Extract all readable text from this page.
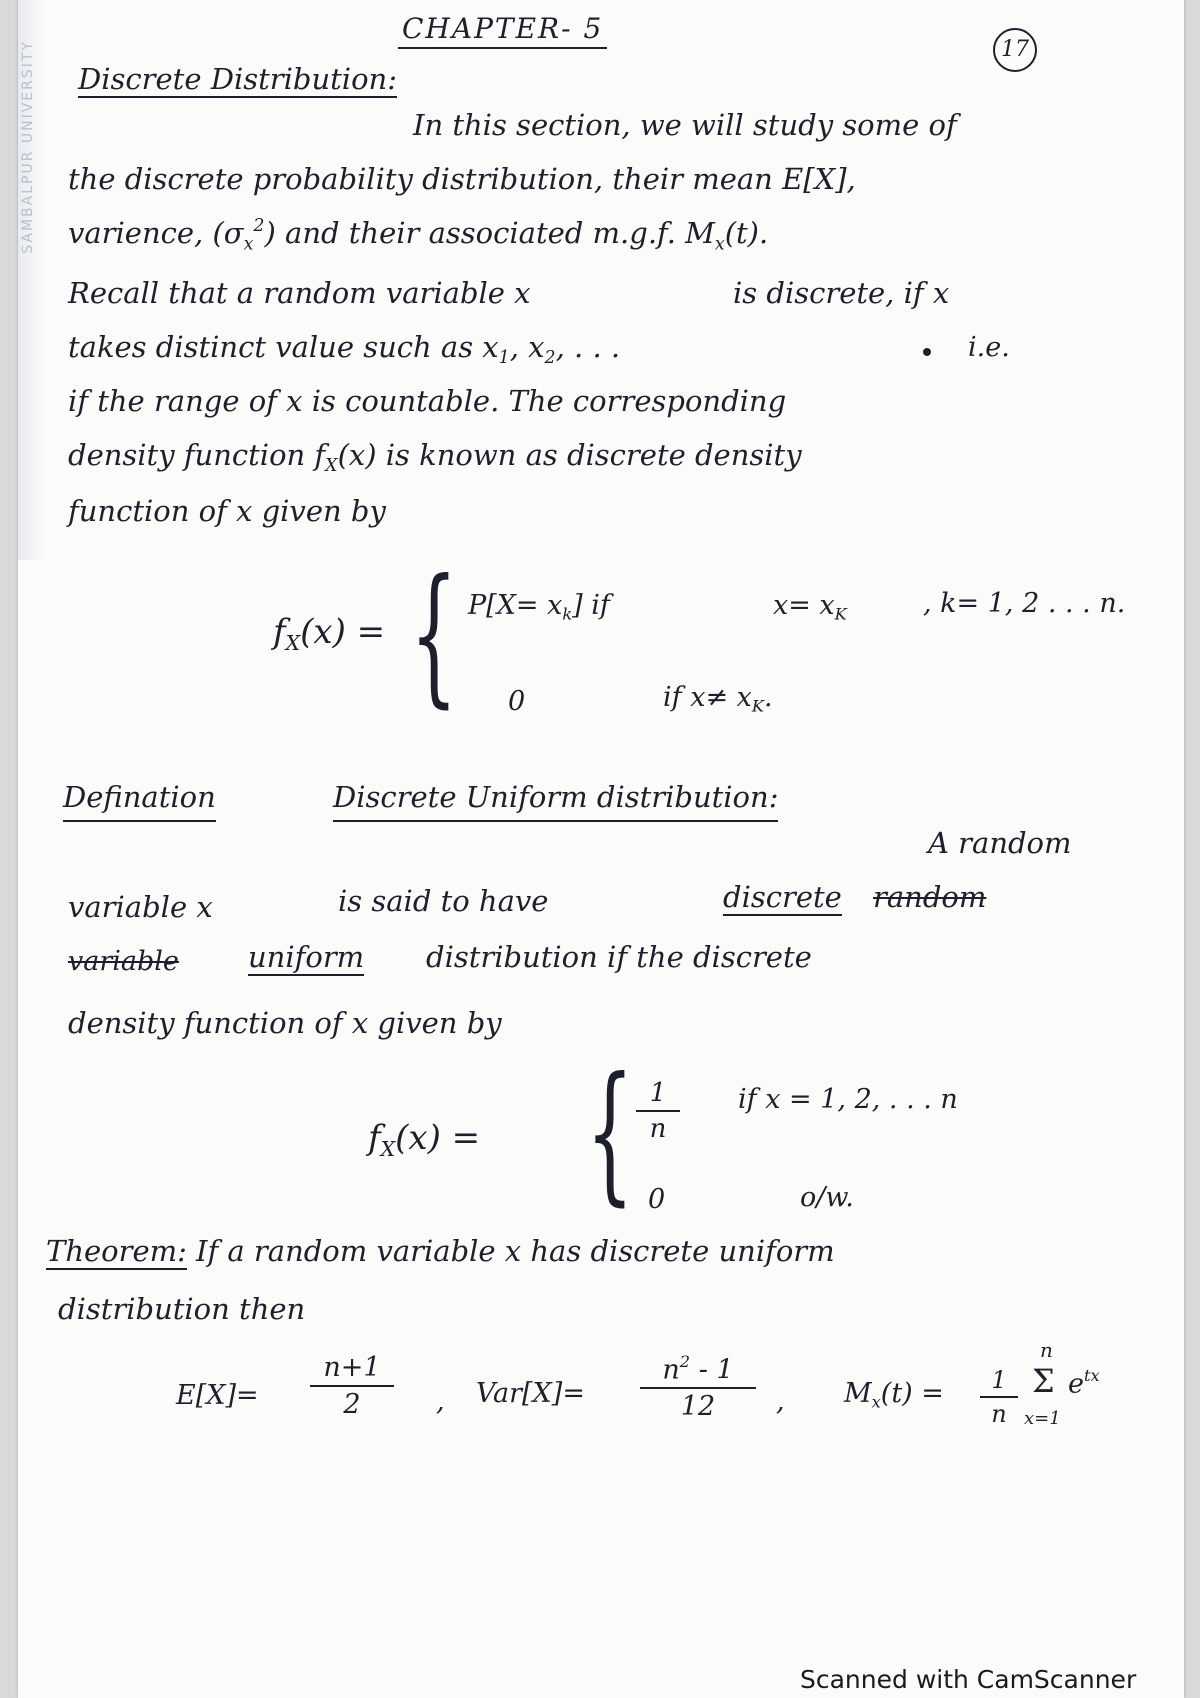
SAMBALPUR UNIVERSITY
CHAPTER- 5
17
Discrete Distribution:
In this section, we will study some of
the discrete probability distribution, their mean E[X],
varience, $(\sigma_x^2)$ and their associated m.g.f. $M_x(t)$.
Recall that a random variable x	is discrete, if x
takes distinct value such as $x_1$, $x_2$, . . .	i.e.
if the range of x is countable. The corresponding
density function $f_X(x)$ is known as discrete density
function of x given by
$f_X(x)$ = { $P[X= x_k]$ if	$x= x_K$	, k= 1, 2 . . . n.
0	if $x\ne x_K$.
Defination	Discrete Uniform distribution:
A random
variable x	is said to have	discrete random
variable uniform distribution if the discrete
density function of x given by
$f_X(x)$ = { $\frac{1}{n}$ if x = 1, 2, . . . n
0	o/w.
Theorem: If a random variable x has discrete uniform
distribution then
$E[X]= \frac{n+1}{2}$ , $Var[X]= \frac{n^2 - 1}{12}$ , $M_x(t) = \frac{1}{n}$
n
Σ
x=1
$e^{tx}$
Scanned with CamScanner
